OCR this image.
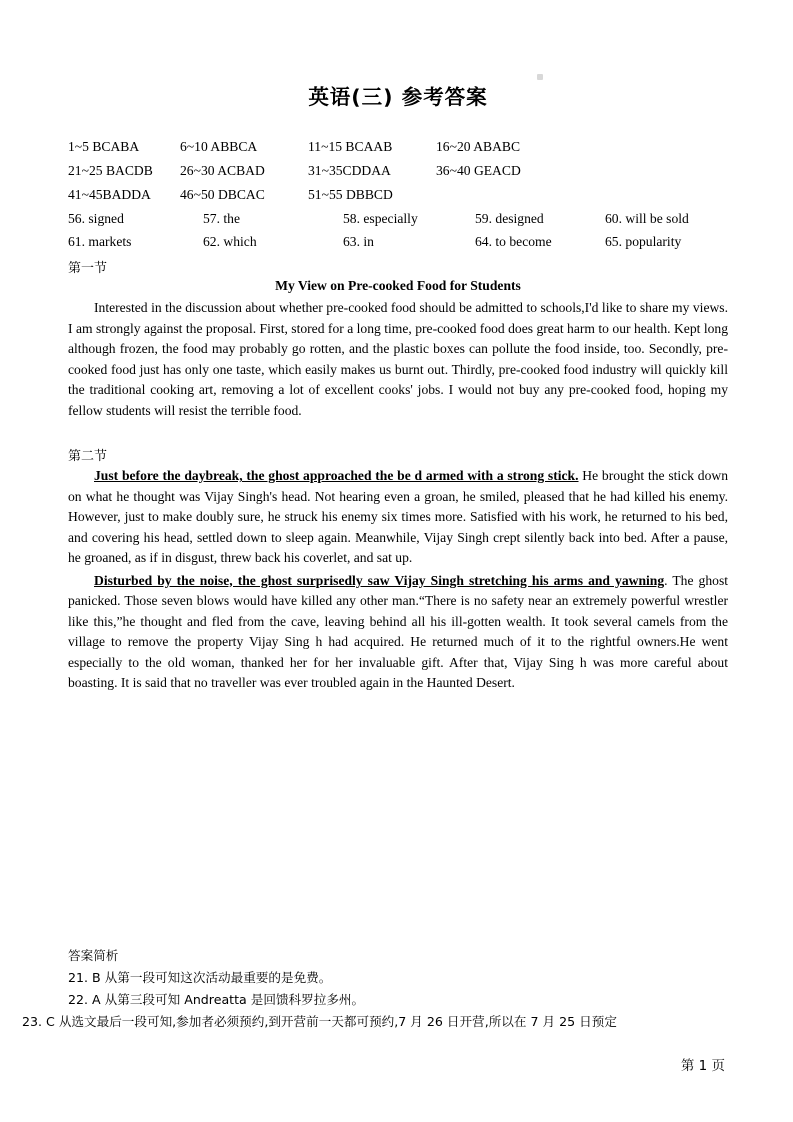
英语(三) 参考答案
1~5 BCABA	6~10 ABBCA	11~15 BCAAB	16~20 ABABC
21~25 BACDB 26~30 ACBAD	31~35CDDAA	36~40 GEACD
41~45BADDA 46~50 DBCAC	51~55 DBBCD
56. signed	57. the	58. especially	59. designed	60. will be sold
61. markets	62. which	63. in	64. to become	65. popularity
第一节
My View on Pre-cooked Food for Students

Interested in the discussion about whether pre-cooked food should be admitted to schools,I'd like to share my views. I am strongly against the proposal. First, stored for a long time, pre-cooked food does great harm to our health. Kept long although frozen, the food may probably go rotten, and the plastic boxes can pollute the food inside, too. Secondly, pre-cooked food just has only one taste, which easily makes us burnt out. Thirdly, pre-cooked food industry will quickly kill the traditional cooking art, removing a lot of excellent cooks' jobs. I would not buy any pre-cooked food, hoping my fellow students will resist the terrible food.

第二节

Just before the daybreak, the ghost approached the be d armed with a strong stick. He brought the stick down on what he thought was Vijay Singh's head. Not hearing even a groan, he smiled, pleased that he had killed his enemy. However, just to make doubly sure, he struck his enemy six times more. Satisfied with his work, he returned to his bed, and covering his head, settled down to sleep again. Meanwhile, Vijay Singh crept silently back into bed. After a pause, he groaned, as if in disgust, threw back his coverlet, and sat up.

Disturbed by the noise, the ghost surprisedly saw Vijay Singh stretching his arms and yawning. The ghost panicked. Those seven blows would have killed any other man.“There is no safety near an extremely powerful wrestler like this,”he thought and fled from the cave, leaving behind all his ill-gotten wealth. It took several camels from the village to remove the property Vijay Sing h had acquired. He returned much of it to the rightful owners.He went especially to the old woman, thanked her for her invaluable gift. After that, Vijay Sing h was more careful about boasting. It is said that no traveller was ever troubled again in the Haunted Desert.

答案简析
21. B 从第一段可知这次活动最重要的是免费。
22. A 从第三段可知 Andreatta 是回馈科罗拉多州。
23. C 从选文最后一段可知,参加者必须预约,到开营前一天都可预约,7 月 26 日开营,所以在 7 月 25 日预定
第 1 页
